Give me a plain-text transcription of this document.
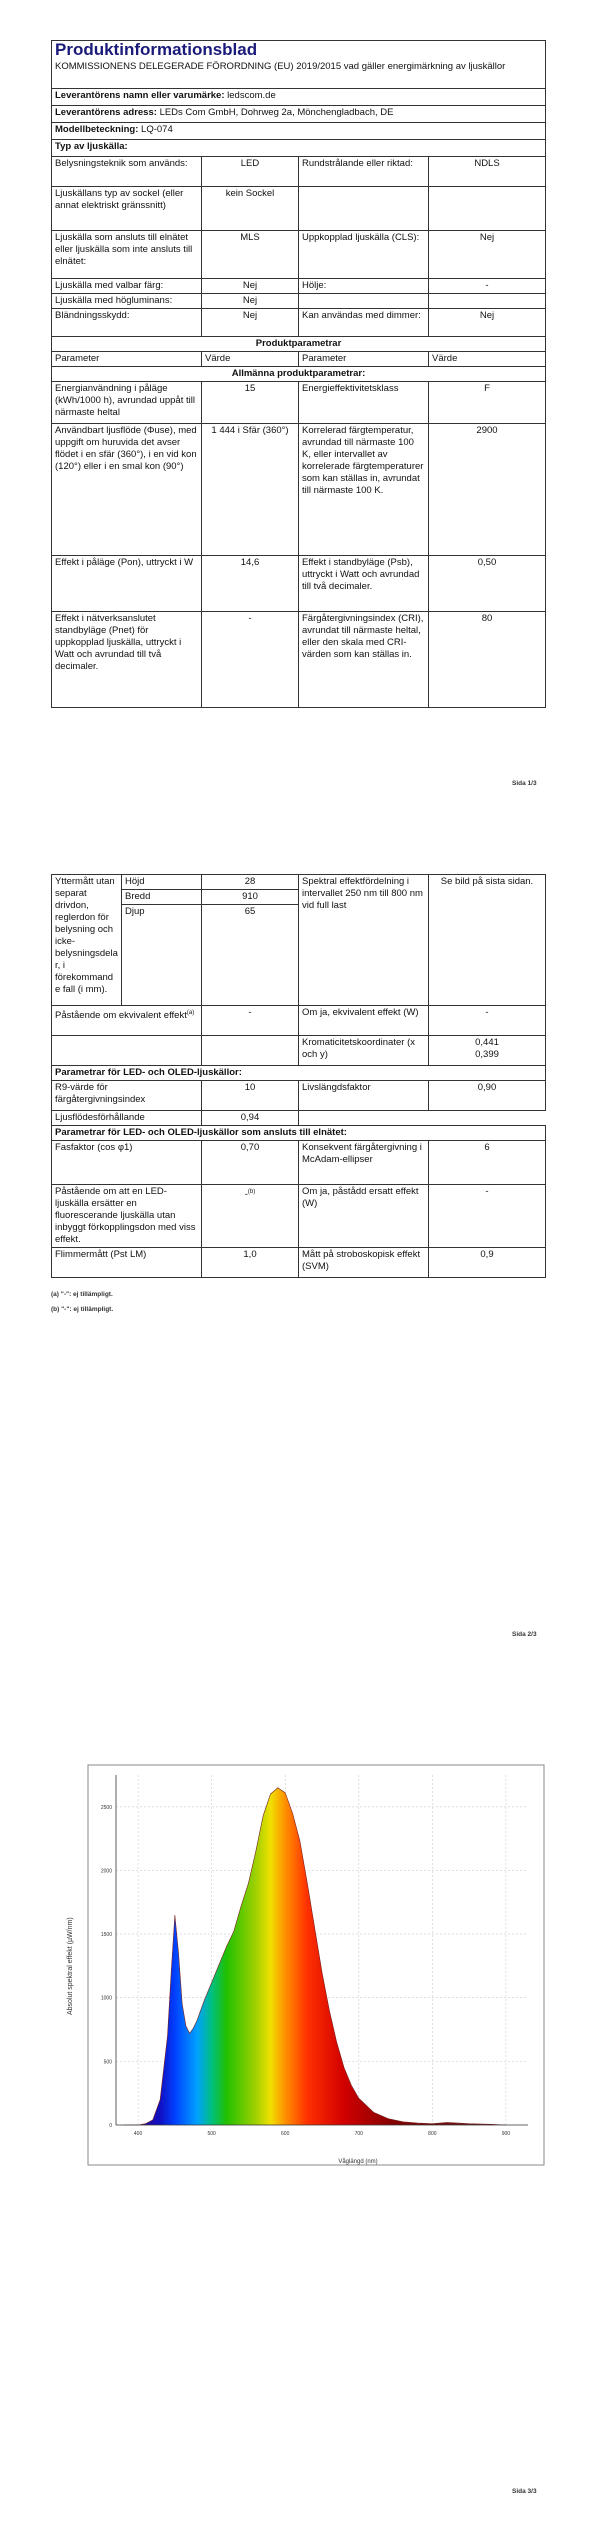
Produktinformationsblad			
KOMMISSIONENS DELEGERADE FÖRORDNING (EU) 2019/2015 vad gäller energimärkning av ljuskällor			
Leverantörens namn eller varumärke: ledscom.de			
Leverantörens adress: LEDs Com GmbH, Dohrweg 2a, Mönchengladbach, DE			
Modellbeteckning: LQ-074			
Typ av ljuskälla:			
Belysningsteknik som används:	LED	Rundstrålande eller riktad:	NDLS
Ljuskällans typ av sockel (eller annat elektriskt gränssnitt)	kein Sockel		
Ljuskälla som ansluts till elnätet eller ljuskälla som inte ansluts till elnätet:	MLS	Uppkopplad ljuskälla (CLS):	Nej
Ljuskälla med valbar färg:	Nej	Hölje:	-
Ljuskälla med högluminans:	Nej		
Bländningsskydd:	Nej	Kan användas med dimmer:	Nej
Produktparametrar			
Parameter	Värde	Parameter	Värde
Allmänna produktparametrar:			
Energianvändning i påläge (kWh/1000 h), avrundad uppåt till närmaste heltal	15	Energieffektivitetsklass	F
Användbart ljusflöde (Φuse), med uppgift om huruvida det avser flödet i en sfär (360°), i en vid kon (120°) eller i en smal kon (90°)	1 444 i Sfär (360°)	Korrelerad färgtemperatur, avrundad till närmaste 100 K, eller intervallet av korrelerade färgtemperaturer som kan ställas in, avrundat till närmaste 100 K.	2900
Effekt i påläge (Pon), uttryckt i W	14,6	Effekt i standbyläge (Psb), uttryckt i Watt och avrundad till två decimaler.	0,50
Effekt i nätverksanslutet standbyläge (Pnet) för uppkopplad ljuskälla, uttryckt i Watt och avrundad till två decimaler.	-	Färgåtergivningsindex (CRI), avrundat till närmaste heltal, eller den skala med CRI-värden som kan ställas in.	80
Sida 1/3
Yttermått utan separat drivdon, reglerdon för belysning och icke-belysningsdelar, i förekommande fall (i mm).	Höjd	28	Spektral effektfördelning i intervallet 250 nm till 800 nm vid full last	Se bild på sista sidan.
	Bredd	910		
	Djup	65		
Påstående om ekvivalent effekt$^{(a)}$		-	Om ja, ekvivalent effekt (W)	-
			Kromaticitetskoordinater (x och y)	0,441
0,399

Parametrar för LED- och OLED-ljuskällor:				
R9-värde för färgåtergivningsindex		10	Livslängdsfaktor	0,90
Ljusflödesförhållande		0,94		
Parametrar för LED- och OLED-ljuskällor som ansluts till elnätet:				
Fasfaktor (cos φ1)		0,70	Konsekvent färgåtergivning i McAdam-ellipser	6
Påstående om att en LED-ljuskälla ersätter en fluorescerande ljuskälla utan inbyggt förkopplingsdon med viss effekt.		-$^{(b)}$	Om ja, påstådd ersatt effekt (W)	-
Flimmermått (Pst LM)		1,0	Mått på stroboskopisk effekt (SVM)	0,9
(a) "-": ej tillämpligt.
(b) "-": ej tillämpligt.
Sida 2/3
0
500
1000
1500
2000
2500
400	500	600	700	800	900
Absolut spektral effekt (µW/nm)
Våglängd (nm)
Sida 3/3
